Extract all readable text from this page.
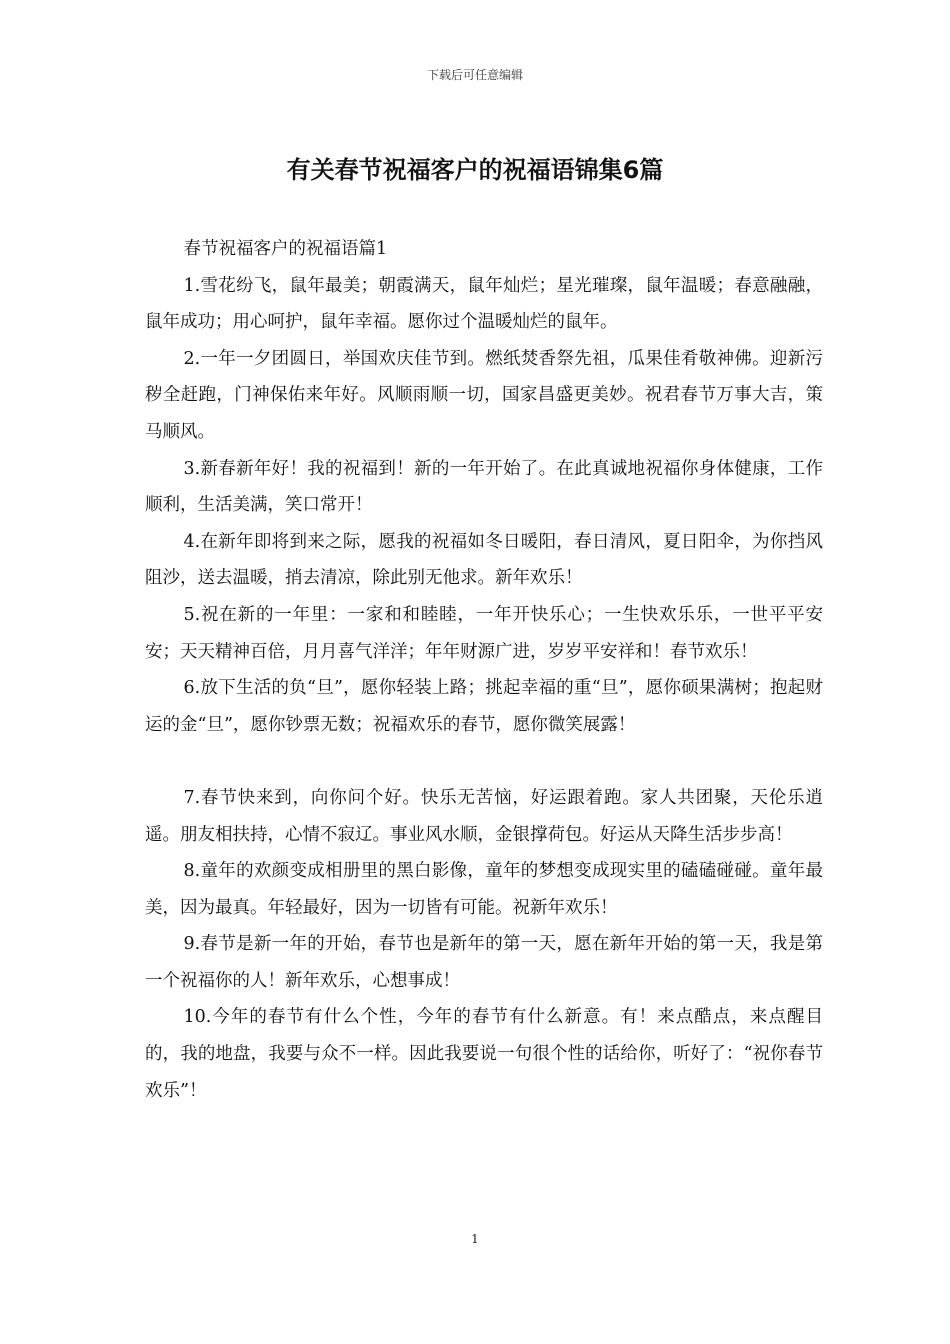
下载后可任意编辑
有关春节祝福客户的祝福语锦集6篇

春节祝福客户的祝福语篇1

1.雪花纷飞，鼠年最美；朝霞满天，鼠年灿烂；星光璀璨，鼠年温暖；春意融融，鼠年成功；用心呵护，鼠年幸福。愿你过个温暖灿烂的鼠年。

2.一年一夕团圆日，举国欢庆佳节到。燃纸焚香祭先祖，瓜果佳肴敬神佛。迎新污秽全赶跑，门神保佑来年好。风顺雨顺一切，国家昌盛更美妙。祝君春节万事大吉，策马顺风。

3.新春新年好！我的祝福到！新的一年开始了。在此真诚地祝福你身体健康，工作顺利，生活美满，笑口常开！

4.在新年即将到来之际，愿我的祝福如冬日暖阳，春日清风，夏日阳伞，为你挡风阻沙，送去温暖，捎去清凉，除此别无他求。新年欢乐！

5.祝在新的一年里：一家和和睦睦，一年开快乐心；一生快欢乐乐，一世平平安安；天天精神百倍，月月喜气洋洋；年年财源广进，岁岁平安祥和！春节欢乐！

6.放下生活的负“旦”，愿你轻装上路；挑起幸福的重“旦”，愿你硕果满树；抱起财运的金“旦”，愿你钞票无数；祝福欢乐的春节，愿你微笑展露！

7.春节快来到，向你问个好。快乐无苦恼，好运跟着跑。家人共团聚，天伦乐逍遥。朋友相扶持，心情不寂辽。事业风水顺，金银撑荷包。好运从天降生活步步高！

8.童年的欢颜变成相册里的黑白影像，童年的梦想变成现实里的磕磕碰碰。童年最美，因为最真。年轻最好，因为一切皆有可能。祝新年欢乐！

9.春节是新一年的开始，春节也是新年的第一天，愿在新年开始的第一天，我是第一个祝福你的人！新年欢乐，心想事成！

10.今年的春节有什么个性，今年的春节有什么新意。有！来点酷点，来点醒目的，我的地盘，我要与众不一样。因此我要说一句很个性的话给你，听好了：“祝你春节欢乐”！

1
